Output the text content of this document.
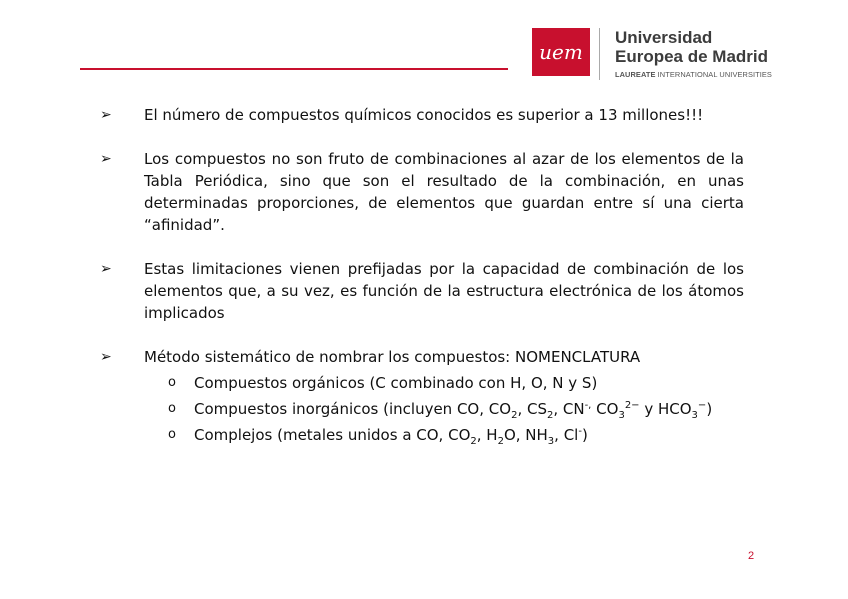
uem
Universidad
Europea de Madrid
LAUREATE INTERNATIONAL UNIVERSITIES
➢ El número de compuestos químicos conocidos es superior a 13 millones!!!
➢ Los compuestos no son fruto de combinaciones al azar de los elementos de la Tabla Periódica, sino que son el resultado de la combinación, en unas determinadas proporciones, de elementos que guardan entre sí una cierta “afinidad”.
➢ Estas limitaciones vienen prefijadas por la capacidad de combinación de los elementos que, a su vez, es función de la estructura electrónica de los átomos implicados
➢ Método sistemático de nombrar los compuestos: NOMENCLATURA
o Compuestos orgánicos (C combinado con H, O, N y S)
o Compuestos inorgánicos (incluyen CO, $CO_2$, $CS_2$, CN-, $CO_3^{2-}$ y $HCO_3^-$)
o Complejos (metales unidos a CO, $CO_2$, $H_2O$, $NH_3$, Cl-)
2
